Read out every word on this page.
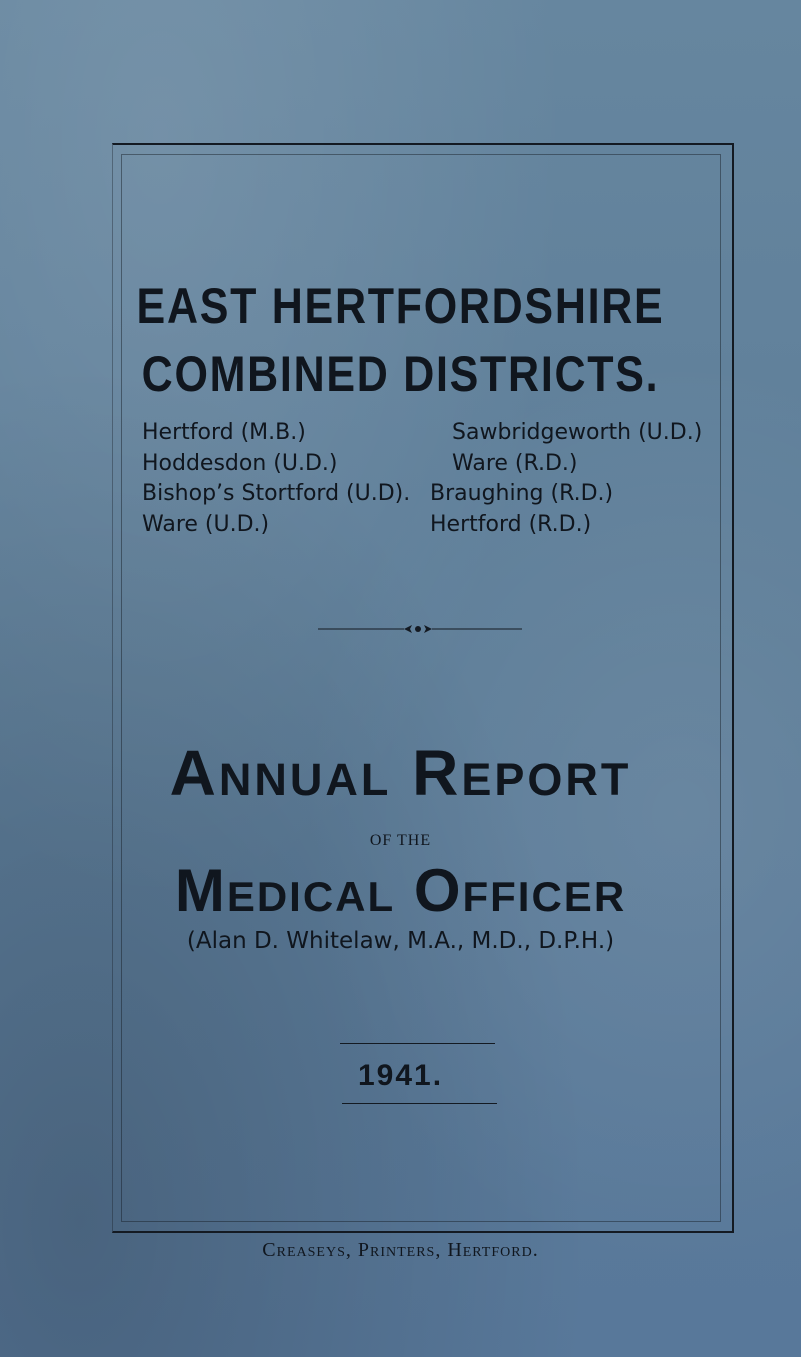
EAST HERTFORDSHIRE
COMBINED DISTRICTS.
Hertford (M.B.)
Hoddesdon (U.D.)
Bishop’s Stortford (U.D).
Ware (U.D.)
Sawbridgeworth (U.D.)
Ware (R.D.)
Braughing (R.D.)
Hertford (R.D.)
Annual Report
OF THE
Medical Officer
(Alan D. Whitelaw, M.A., M.D., D.P.H.)
1941.
Creaseys, Printers, Hertford.
